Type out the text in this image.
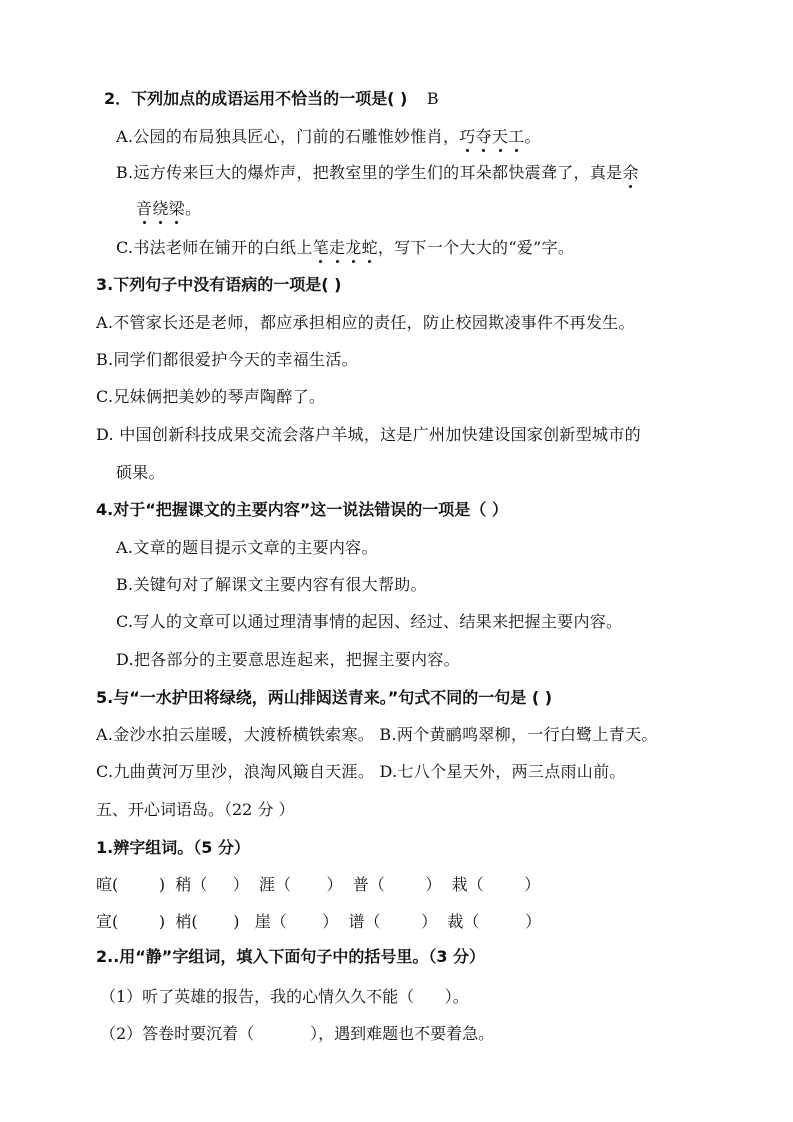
2．下列加点的成语运用不恰当的一项是( ) B
A.公园的布局独具匠心，门前的石雕惟妙惟肖，巧夺天工。
B.远方传来巨大的爆炸声，把教室里的学生们的耳朵都快震聋了，真是余
音绕梁。
C.书法老师在铺开的白纸上笔走龙蛇，写下一个大大的“爱”字。
3.下列句子中没有语病的一项是( )
A.不管家长还是老师，都应承担相应的责任，防止校园欺凌事件不再发生。
B.同学们都很爱护今天的幸福生活。
C.兄妹俩把美妙的琴声陶醉了。
D. 中国创新科技成果交流会落户羊城，这是广州加快建设国家创新型城市的
硕果。
4.对于“把握课文的主要内容”这一说法错误的一项是（ ）
A.文章的题目提示文章的主要内容。
B.关键句对了解课文主要内容有很大帮助。
C.写人的文章可以通过理清事情的起因、经过、结果来把握主要内容。
D.把各部分的主要意思连起来，把握主要内容。
5.与“一水护田将绿绕，两山排闼送青来。”句式不同的一句是 ( )
A.金沙水拍云崖暖，大渡桥横铁索寒。 B.两个黄鹂鸣翠柳，一行白鹭上青天。
C.九曲黄河万里沙，浪淘风簸自天涯。 D.七八个星天外，两三点雨山前。
五、开心词语岛。（22 分 ）
1.辨字组词。（5 分）
喧(        )  稍（     ）  涯（       ）  普（        ）  栽（        ）
宣(        )  梢(       )   崖（       ）  谱（        ）  裁（         ）
2..用“静”字组词，填入下面句子中的括号里。（3 分）
（1）听了英雄的报告，我的心情久久不能（      ）。
（2）答卷时要沉着（           ），遇到难题也不要着急。
